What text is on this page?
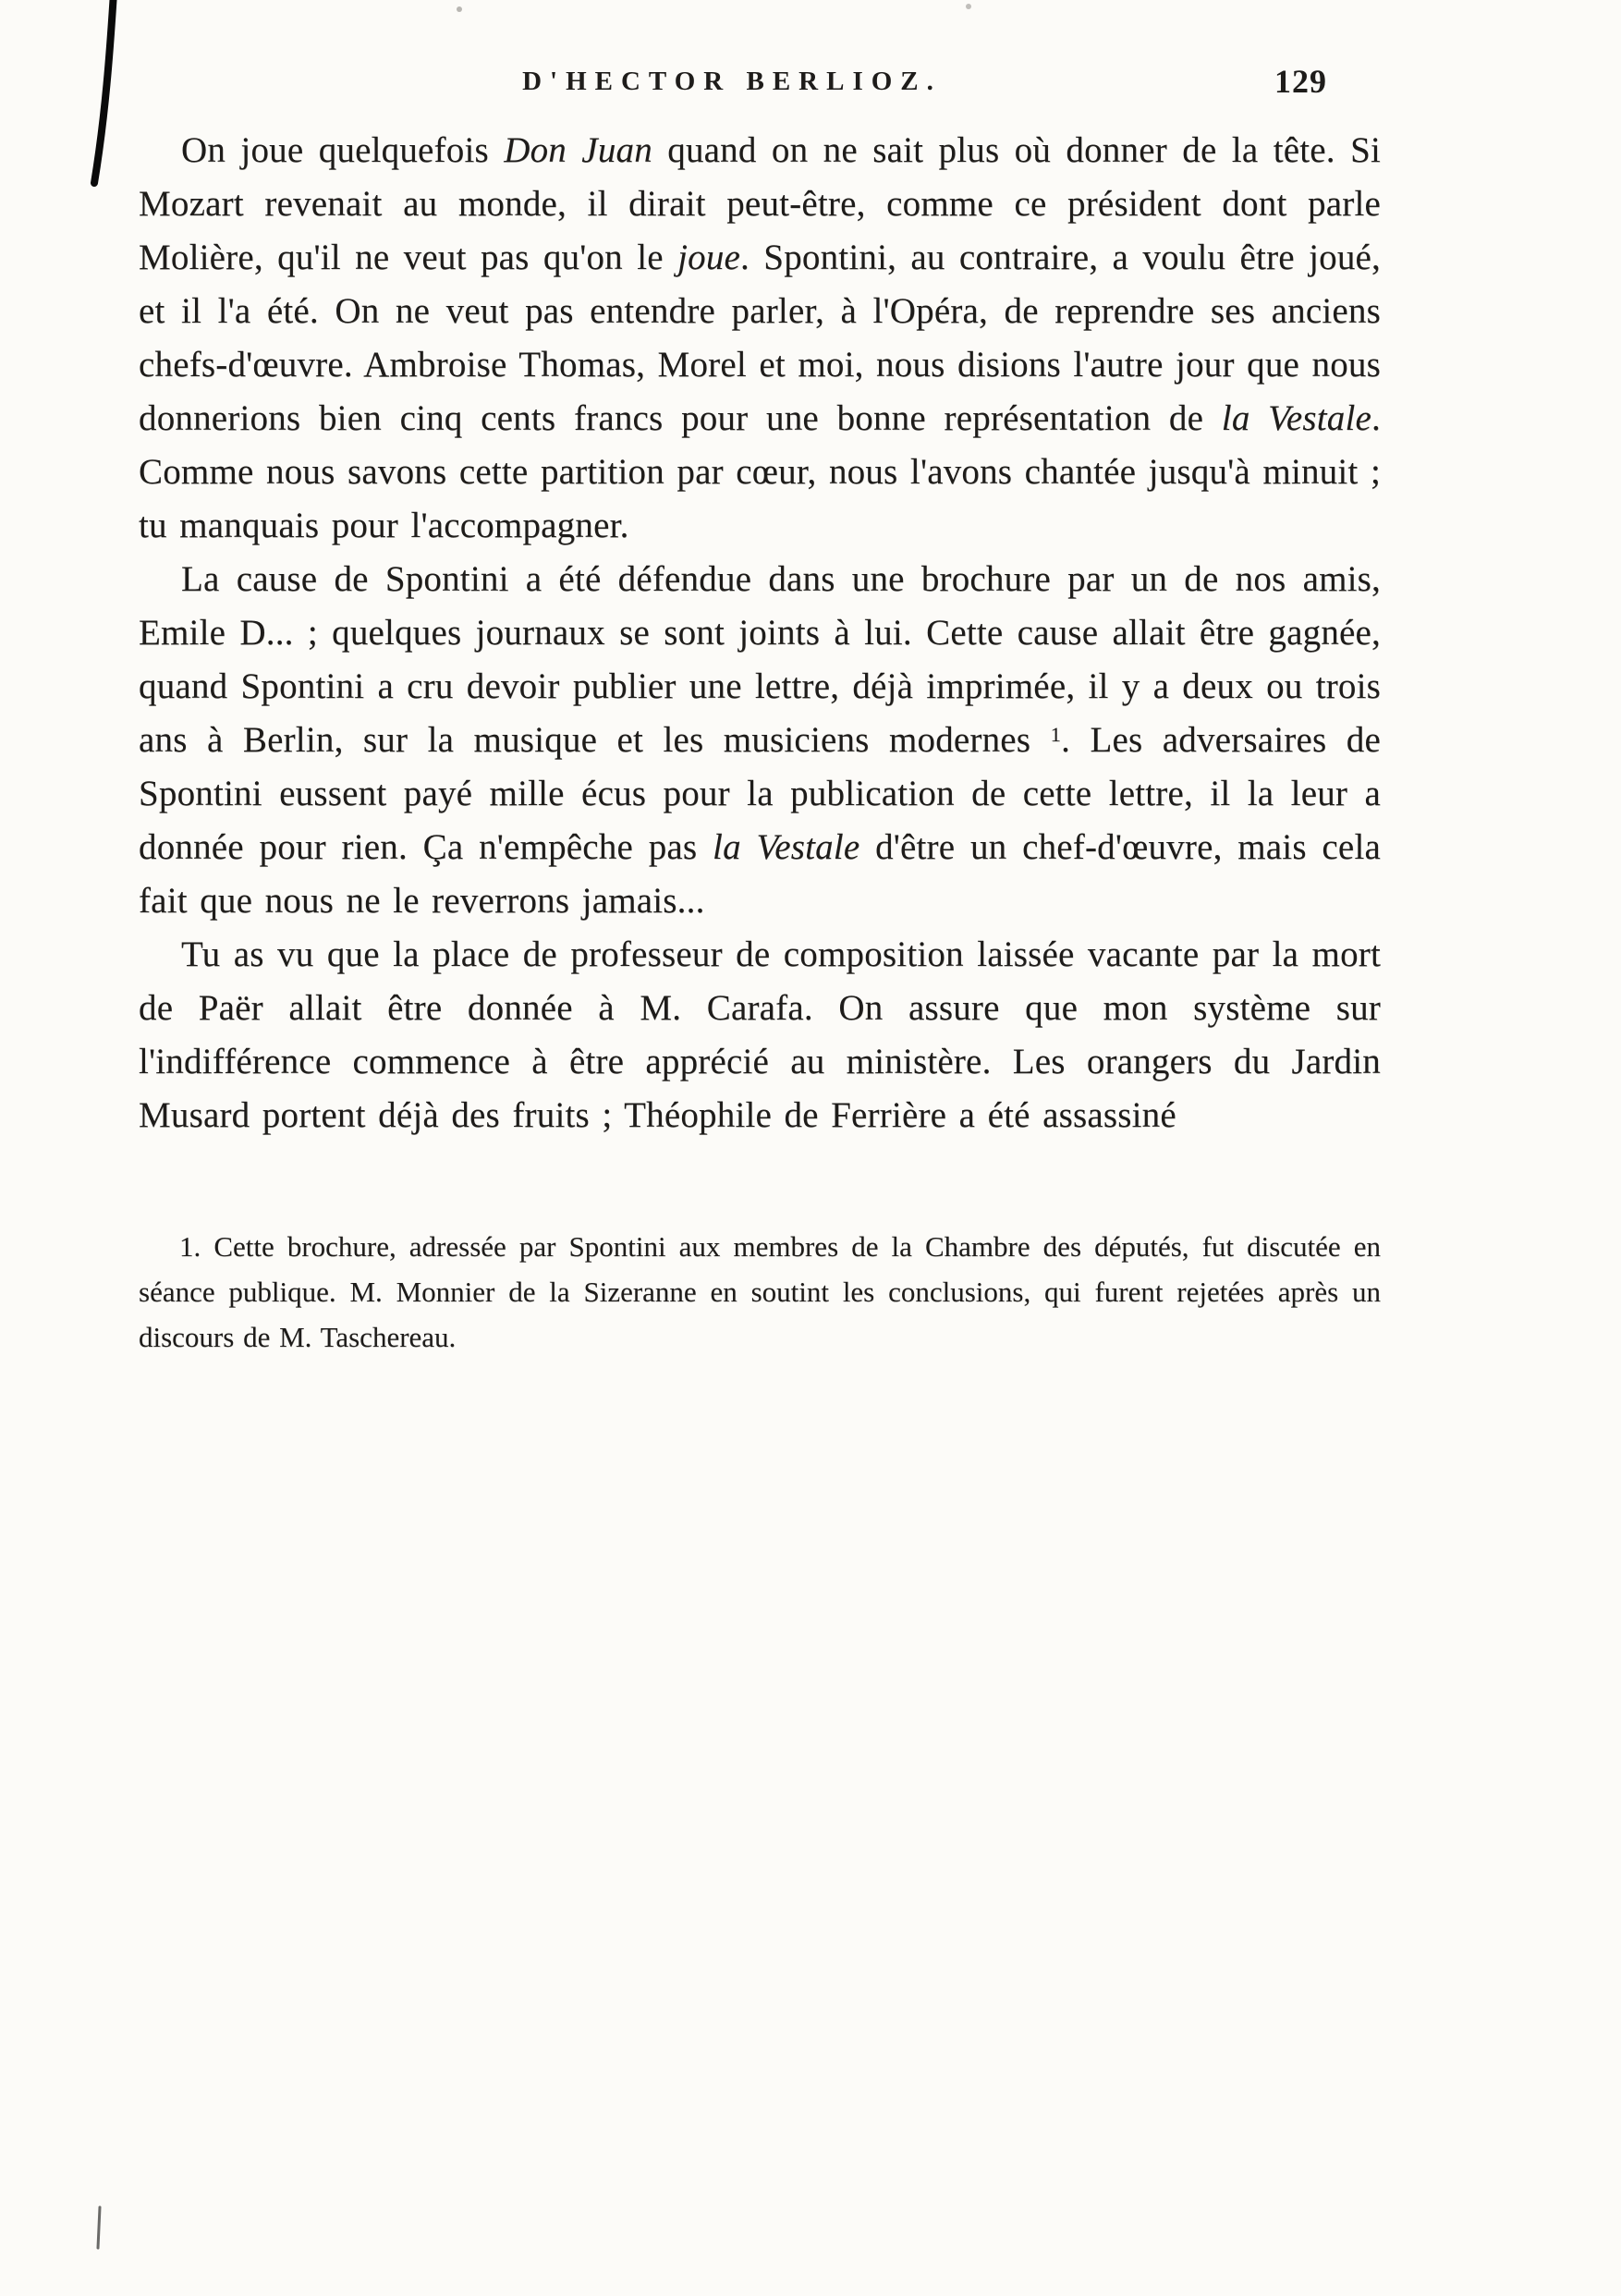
D'HECTOR BERLIOZ.	129

On joue quelquefois Don Juan quand on ne sait plus où donner de la tête. Si Mozart revenait au monde, il dirait peut-être, comme ce président dont parle Molière, qu'il ne veut pas qu'on le joue. Spontini, au contraire, a voulu être joué, et il l'a été. On ne veut pas entendre parler, à l'Opéra, de reprendre ses anciens chefs-d'œuvre. Ambroise Thomas, Morel et moi, nous disions l'autre jour que nous donnerions bien cinq cents francs pour une bonne représentation de la Vestale. Comme nous savons cette partition par cœur, nous l'avons chantée jusqu'à minuit ; tu manquais pour l'accompagner.

La cause de Spontini a été défendue dans une brochure par un de nos amis, Emile D... ; quelques journaux se sont joints à lui. Cette cause allait être gagnée, quand Spontini a cru devoir publier une lettre, déjà imprimée, il y a deux ou trois ans à Berlin, sur la musique et les musiciens modernes $^1$. Les adversaires de Spontini eussent payé mille écus pour la publication de cette lettre, il la leur a donnée pour rien. Ça n'empêche pas la Vestale d'être un chef-d'œuvre, mais cela fait que nous ne le reverrons jamais...

Tu as vu que la place de professeur de composition laissée vacante par la mort de Paër allait être donnée à M. Carafa. On assure que mon système sur l'indifférence commence à être apprécié au ministère. Les orangers du Jardin Musard portent déjà des fruits ; Théophile de Ferrière a été assassiné

1. Cette brochure, adressée par Spontini aux membres de la Chambre des députés, fut discutée en séance publique. M. Monnier de la Sizeranne en soutint les conclusions, qui furent rejetées après un discours de M. Taschereau.
